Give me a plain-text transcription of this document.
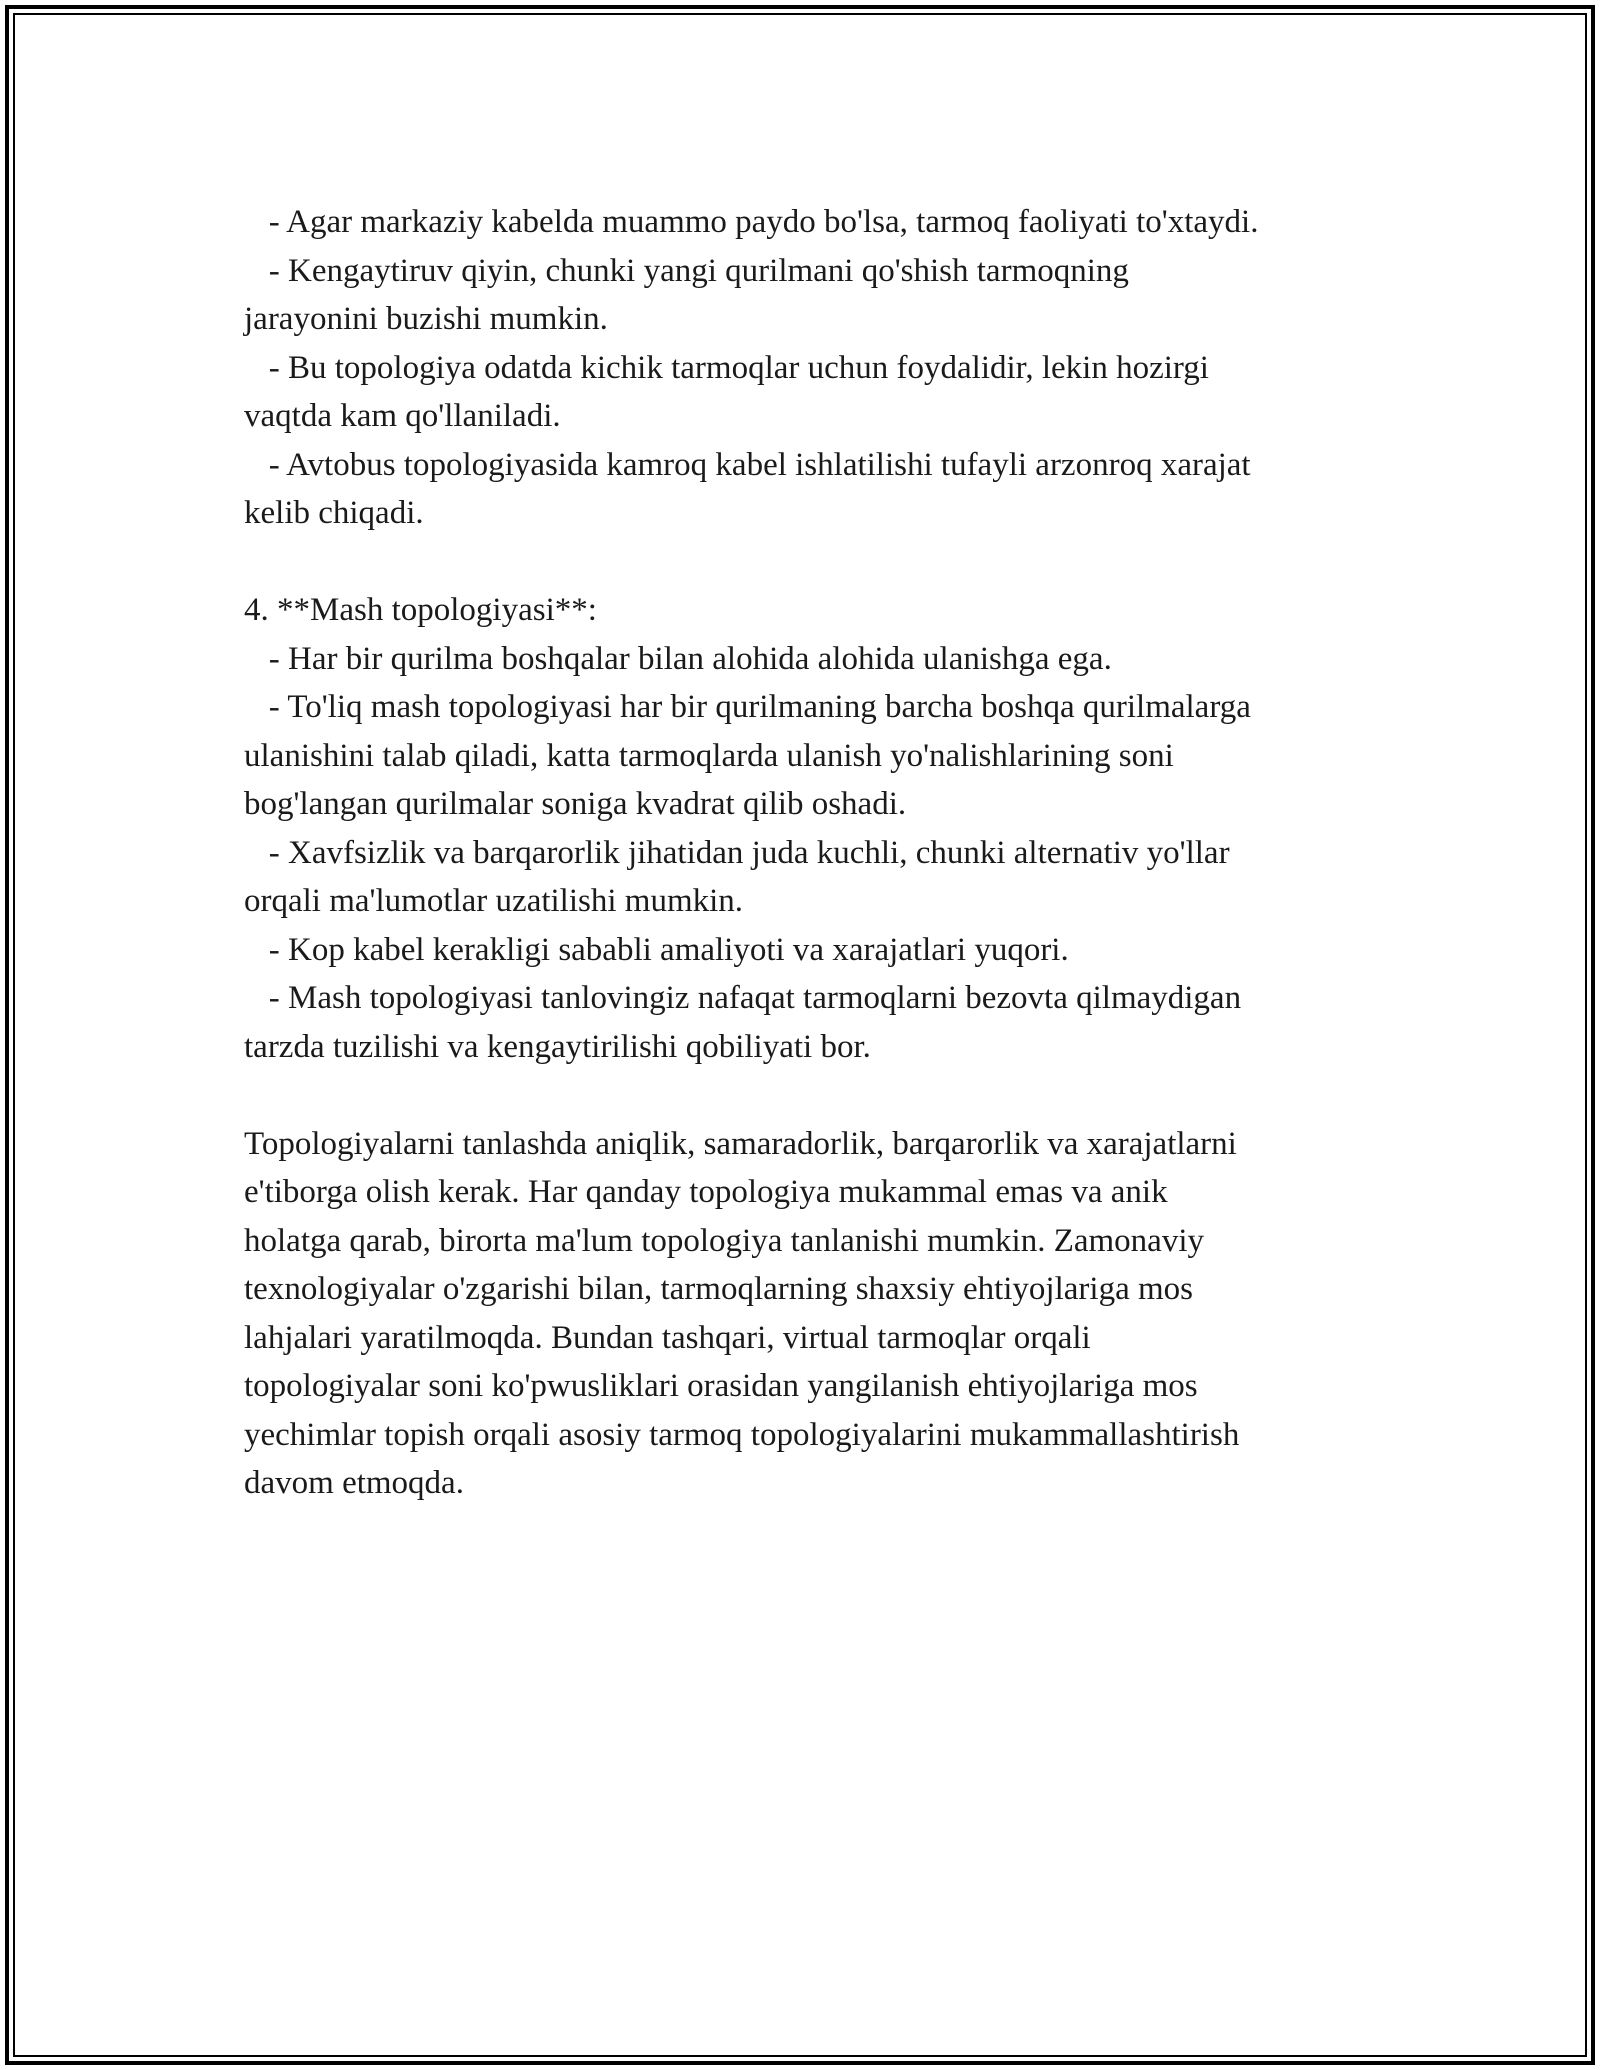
- Agar markaziy kabelda muammo paydo bo'lsa, tarmoq faoliyati to'xtaydi.
- Kengaytiruv qiyin, chunki yangi qurilmani qo'shish tarmoqning
jarayonini buzishi mumkin.
- Bu topologiya odatda kichik tarmoqlar uchun foydalidir, lekin hozirgi
vaqtda kam qo'llaniladi.
- Avtobus topologiyasida kamroq kabel ishlatilishi tufayli arzonroq xarajat
kelib chiqadi.
4. **Mash topologiyasi**:
- Har bir qurilma boshqalar bilan alohida alohida ulanishga ega.
- To'liq mash topologiyasi har bir qurilmaning barcha boshqa qurilmalarga
ulanishini talab qiladi, katta tarmoqlarda ulanish yo'nalishlarining soni
bog'langan qurilmalar soniga kvadrat qilib oshadi.
- Xavfsizlik va barqarorlik jihatidan juda kuchli, chunki alternativ yo'llar
orqali ma'lumotlar uzatilishi mumkin.
- Kop kabel kerakligi sababli amaliyoti va xarajatlari yuqori.
- Mash topologiyasi tanlovingiz nafaqat tarmoqlarni bezovta qilmaydigan
tarzda tuzilishi va kengaytirilishi qobiliyati bor.
Topologiyalarni tanlashda aniqlik, samaradorlik, barqarorlik va xarajatlarni
e'tiborga olish kerak. Har qanday topologiya mukammal emas va anik
holatga qarab, birorta ma'lum topologiya tanlanishi mumkin. Zamonaviy
texnologiyalar o'zgarishi bilan, tarmoqlarning shaxsiy ehtiyojlariga mos
lahjalari yaratilmoqda. Bundan tashqari, virtual tarmoqlar orqali
topologiyalar soni ko'pwusliklari orasidan yangilanish ehtiyojlariga mos
yechimlar topish orqali asosiy tarmoq topologiyalarini mukammallashtirish
davom etmoqda.
